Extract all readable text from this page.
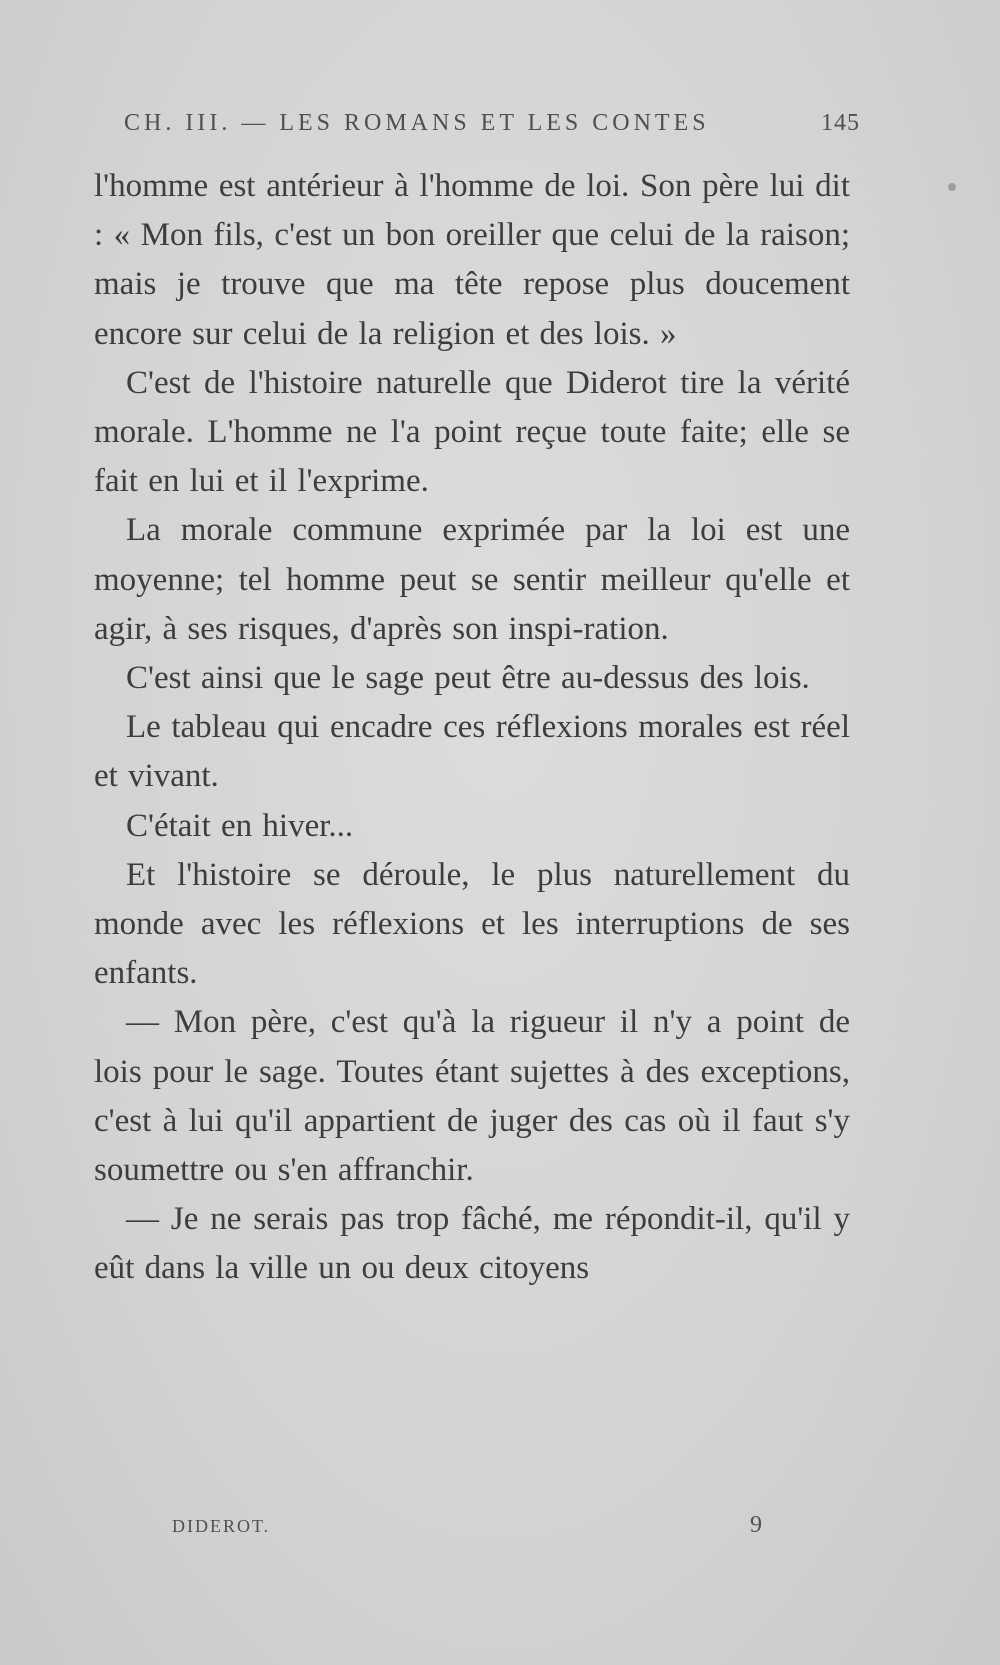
CH. III. — LES ROMANS ET LES CONTES	145

l'homme est antérieur à l'homme de loi. Son père lui dit : « Mon fils, c'est un bon oreiller que celui de la raison; mais je trouve que ma tête repose plus doucement encore sur celui de la religion et des lois. »

C'est de l'histoire naturelle que Diderot tire la vérité morale. L'homme ne l'a point reçue toute faite; elle se fait en lui et il l'exprime.

La morale commune exprimée par la loi est une moyenne; tel homme peut se sentir meilleur qu'elle et agir, à ses risques, d'après son inspi-ration.

C'est ainsi que le sage peut être au-dessus des lois.

Le tableau qui encadre ces réflexions morales est réel et vivant.

C'était en hiver...

Et l'histoire se déroule, le plus naturellement du monde avec les réflexions et les interruptions de ses enfants.

— Mon père, c'est qu'à la rigueur il n'y a point de lois pour le sage. Toutes étant sujettes à des exceptions, c'est à lui qu'il appartient de juger des cas où il faut s'y soumettre ou s'en affranchir.

— Je ne serais pas trop fâché, me répondit-il, qu'il y eût dans la ville un ou deux citoyens

DIDEROT.	9
